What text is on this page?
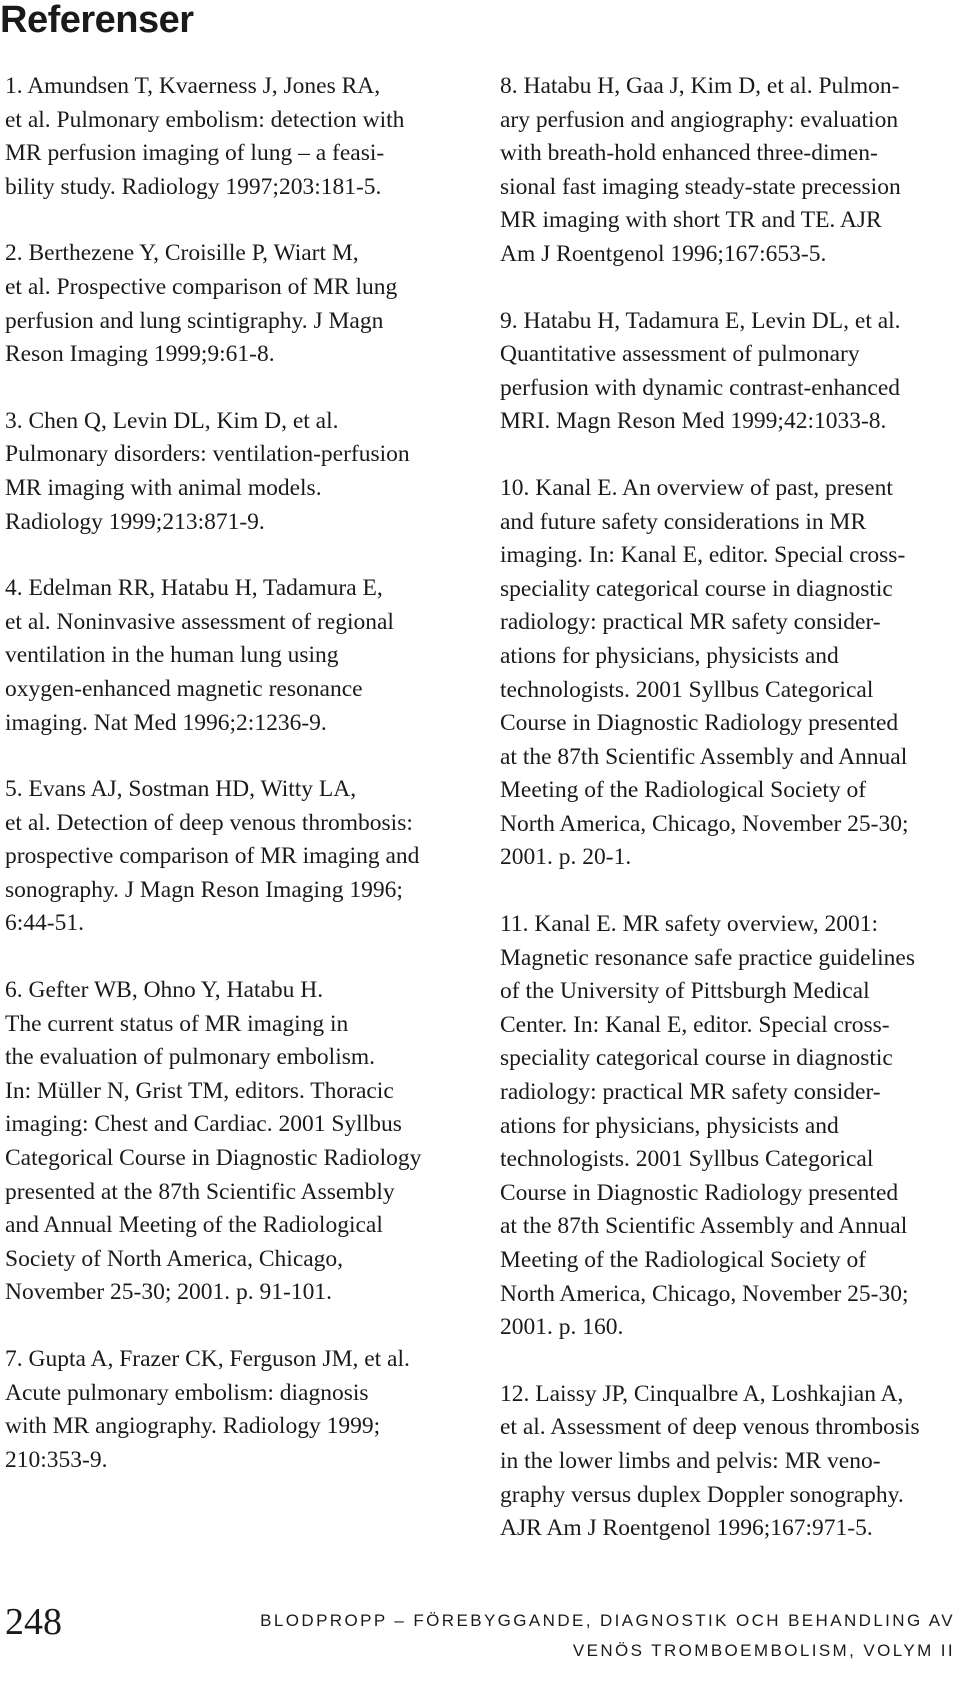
Referenser

1. Amundsen T, Kvaerness J, Jones RA,
et al. Pulmonary embolism: detection with
MR perfusion imaging of lung – a feasi-
bility study. Radiology 1997;203:181-5.

2. Berthezene Y, Croisille P, Wiart M,
et al. Prospective comparison of MR lung
perfusion and lung scintigraphy. J Magn
Reson Imaging 1999;9:61-8.

3. Chen Q, Levin DL, Kim D, et al.
Pulmonary disorders: ventilation-perfusion
MR imaging with animal models.
Radiology 1999;213:871-9.

4. Edelman RR, Hatabu H, Tadamura E,
et al. Noninvasive assessment of regional
ventilation in the human lung using
oxygen-enhanced magnetic resonance
imaging. Nat Med 1996;2:1236-9.

5. Evans AJ, Sostman HD, Witty LA,
et al. Detection of deep venous thrombosis:
prospective comparison of MR imaging and
sonography. J Magn Reson Imaging 1996;
6:44-51.

6. Gefter WB, Ohno Y, Hatabu H.
The current status of MR imaging in
the evaluation of pulmonary embolism.
In: Müller N, Grist TM, editors. Thoracic
imaging: Chest and Cardiac. 2001 Syllbus
Categorical Course in Diagnostic Radiology
presented at the 87th Scientific Assembly
and Annual Meeting of the Radiological
Society of North America, Chicago,
November 25-30; 2001. p. 91-101.

7. Gupta A, Frazer CK, Ferguson JM, et al.
Acute pulmonary embolism: diagnosis
with MR angiography. Radiology 1999;
210:353-9.

8. Hatabu H, Gaa J, Kim D, et al. Pulmon-
ary perfusion and angiography: evaluation
with breath-hold enhanced three-dimen-
sional fast imaging steady-state precession
MR imaging with short TR and TE. AJR
Am J Roentgenol 1996;167:653-5.

9. Hatabu H, Tadamura E, Levin DL, et al.
Quantitative assessment of pulmonary
perfusion with dynamic contrast-enhanced
MRI. Magn Reson Med 1999;42:1033-8.

10. Kanal E. An overview of past, present
and future safety considerations in MR
imaging. In: Kanal E, editor. Special cross-
speciality categorical course in diagnostic
radiology: practical MR safety consider-
ations for physicians, physicists and
technologists. 2001 Syllbus Categorical
Course in Diagnostic Radiology presented
at the 87th Scientific Assembly and Annual
Meeting of the Radiological Society of
North America, Chicago, November 25-30;
2001. p. 20-1.

11. Kanal E. MR safety overview, 2001:
Magnetic resonance safe practice guidelines
of the University of Pittsburgh Medical
Center. In: Kanal E, editor. Special cross-
speciality categorical course in diagnostic
radiology: practical MR safety consider-
ations for physicians, physicists and
technologists. 2001 Syllbus Categorical
Course in Diagnostic Radiology presented
at the 87th Scientific Assembly and Annual
Meeting of the Radiological Society of
North America, Chicago, November 25-30;
2001. p. 160.

12. Laissy JP, Cinqualbre A, Loshkajian A,
et al. Assessment of deep venous thrombosis
in the lower limbs and pelvis: MR veno-
graphy versus duplex Doppler sonography.
AJR Am J Roentgenol 1996;167:971-5.

248	BLODPROPP – FÖREBYGGANDE, DIAGNOSTIK OCH BEHANDLING AV
VENÖS TROMBOEMBOLISM, VOLYM II
